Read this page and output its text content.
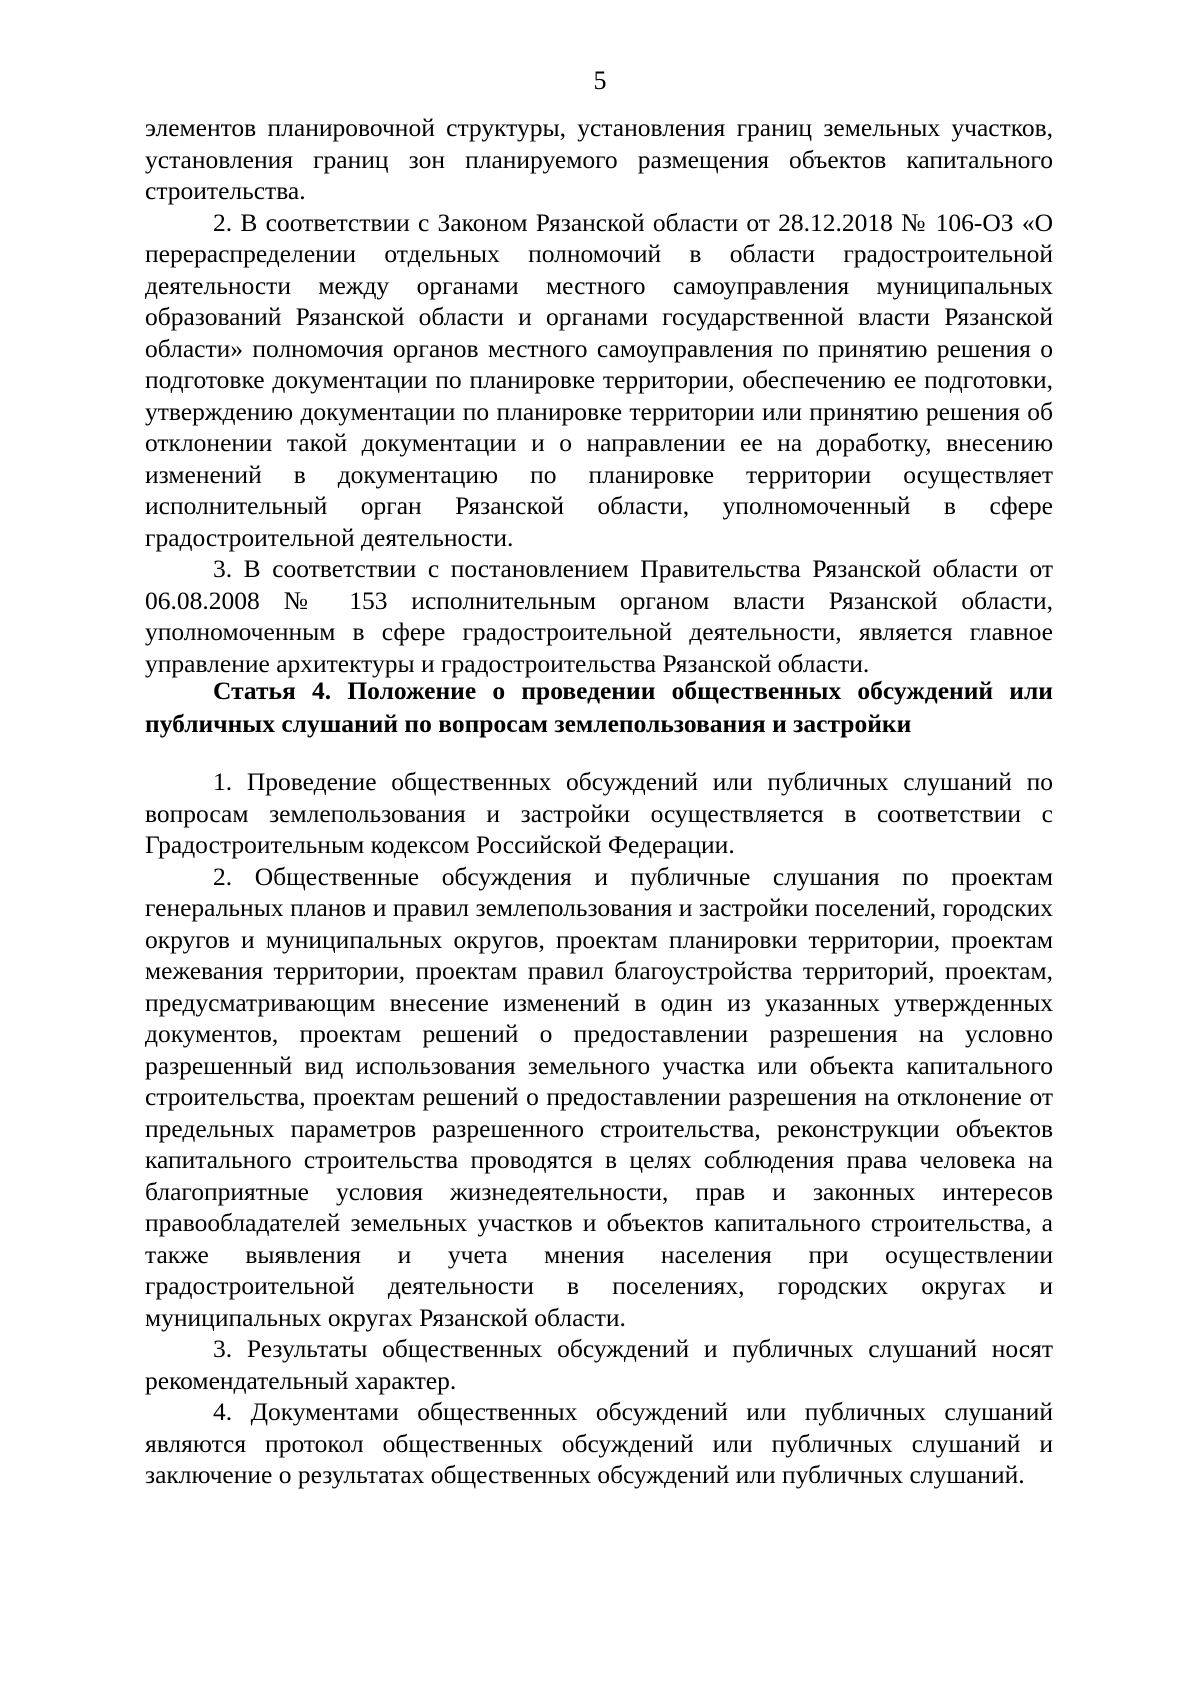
5

элементов планировочной структуры, установления границ земельных участков, установления границ зон планируемого размещения объектов капитального строительства.

2. В соответствии с Законом Рязанской области от 28.12.2018 № 106-ОЗ «О перераспределении отдельных полномочий в области градостроительной деятельности между органами местного самоуправления муниципальных образований Рязанской области и органами государственной власти Рязанской области» полномочия органов местного самоуправления по принятию решения о подготовке документации по планировке территории, обеспечению ее подготовки, утверждению документации по планировке территории или принятию решения об отклонении такой документации и о направлении ее на доработку, внесению изменений в документацию по планировке территории осуществляет исполнительный орган Рязанской области, уполномоченный в сфере градостроительной деятельности.

3. В соответствии с постановлением Правительства Рязанской области от 06.08.2008 № 153 исполнительным органом власти Рязанской области, уполномоченным в сфере градостроительной деятельности, является главное управление архитектуры и градостроительства Рязанской области.

Статья 4. Положение о проведении общественных обсуждений или публичных слушаний по вопросам землепользования и застройки

1. Проведение общественных обсуждений или публичных слушаний по вопросам землепользования и застройки осуществляется в соответствии с Градостроительным кодексом Российской Федерации.

2. Общественные обсуждения и публичные слушания по проектам генеральных планов и правил землепользования и застройки поселений, городских округов и муниципальных округов, проектам планировки территории, проектам межевания территории, проектам правил благоустройства территорий, проектам, предусматривающим внесение изменений в один из указанных утвержденных документов, проектам решений о предоставлении разрешения на условно разрешенный вид использования земельного участка или объекта капитального строительства, проектам решений о предоставлении разрешения на отклонение от предельных параметров разрешенного строительства, реконструкции объектов капитального строительства проводятся в целях соблюдения права человека на благоприятные условия жизнедеятельности, прав и законных интересов правообладателей земельных участков и объектов капитального строительства, а также выявления и учета мнения населения при осуществлении градостроительной деятельности в поселениях, городских округах и муниципальных округах Рязанской области.

3. Результаты общественных обсуждений и публичных слушаний носят рекомендательный характер.

4. Документами общественных обсуждений или публичных слушаний являются протокол общественных обсуждений или публичных слушаний и заключение о результатах общественных обсуждений или публичных слушаний.
